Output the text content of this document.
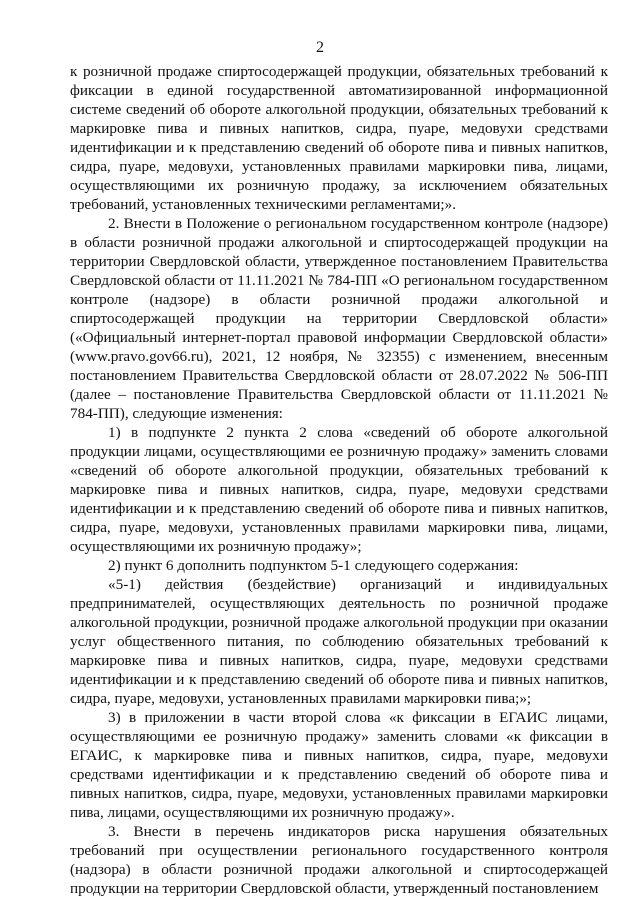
2

к розничной продаже спиртосодержащей продукции, обязательных требований к фиксации в единой государственной автоматизированной информационной системе сведений об обороте алкогольной продукции, обязательных требований к маркировке пива и пивных напитков, сидра, пуаре, медовухи средствами идентификации и к представлению сведений об обороте пива и пивных напитков, сидра, пуаре, медовухи, установленных правилами маркировки пива, лицами, осуществляющими их розничную продажу, за исключением обязательных требований, установленных техническими регламентами;».

2. Внести в Положение о региональном государственном контроле (надзоре) в области розничной продажи алкогольной и спиртосодержащей продукции на территории Свердловской области, утвержденное постановлением Правительства Свердловской области от 11.11.2021 № 784-ПП «О региональном государственном контроле (надзоре) в области розничной продажи алкогольной и спиртосодержащей продукции на территории Свердловской области» («Официальный интернет-портал правовой информации Свердловской области» (www.pravo.gov66.ru), 2021, 12 ноября, № 32355) с изменением, внесенным постановлением Правительства Свердловской области от 28.07.2022 № 506-ПП (далее – постановление Правительства Свердловской области от 11.11.2021 № 784-ПП), следующие изменения:

1) в подпункте 2 пункта 2 слова «сведений об обороте алкогольной продукции лицами, осуществляющими ее розничную продажу» заменить словами «сведений об обороте алкогольной продукции, обязательных требований к маркировке пива и пивных напитков, сидра, пуаре, медовухи средствами идентификации и к представлению сведений об обороте пива и пивных напитков, сидра, пуаре, медовухи, установленных правилами маркировки пива, лицами, осуществляющими их розничную продажу»;

2) пункт 6 дополнить подпунктом 5-1 следующего содержания:

«5-1) действия (бездействие) организаций и индивидуальных предпринимателей, осуществляющих деятельность по розничной продаже алкогольной продукции, розничной продаже алкогольной продукции при оказании услуг общественного питания, по соблюдению обязательных требований к маркировке пива и пивных напитков, сидра, пуаре, медовухи средствами идентификации и к представлению сведений об обороте пива и пивных напитков, сидра, пуаре, медовухи, установленных правилами маркировки пива;»;

3) в приложении в части второй слова «к фиксации в ЕГАИС лицами, осуществляющими ее розничную продажу» заменить словами «к фиксации в ЕГАИС, к маркировке пива и пивных напитков, сидра, пуаре, медовухи средствами идентификации и к представлению сведений об обороте пива и пивных напитков, сидра, пуаре, медовухи, установленных правилами маркировки пива, лицами, осуществляющими их розничную продажу».

3. Внести в перечень индикаторов риска нарушения обязательных требований при осуществлении регионального государственного контроля (надзора) в области розничной продажи алкогольной и спиртосодержащей продукции на территории Свердловской области, утвержденный постановлением
